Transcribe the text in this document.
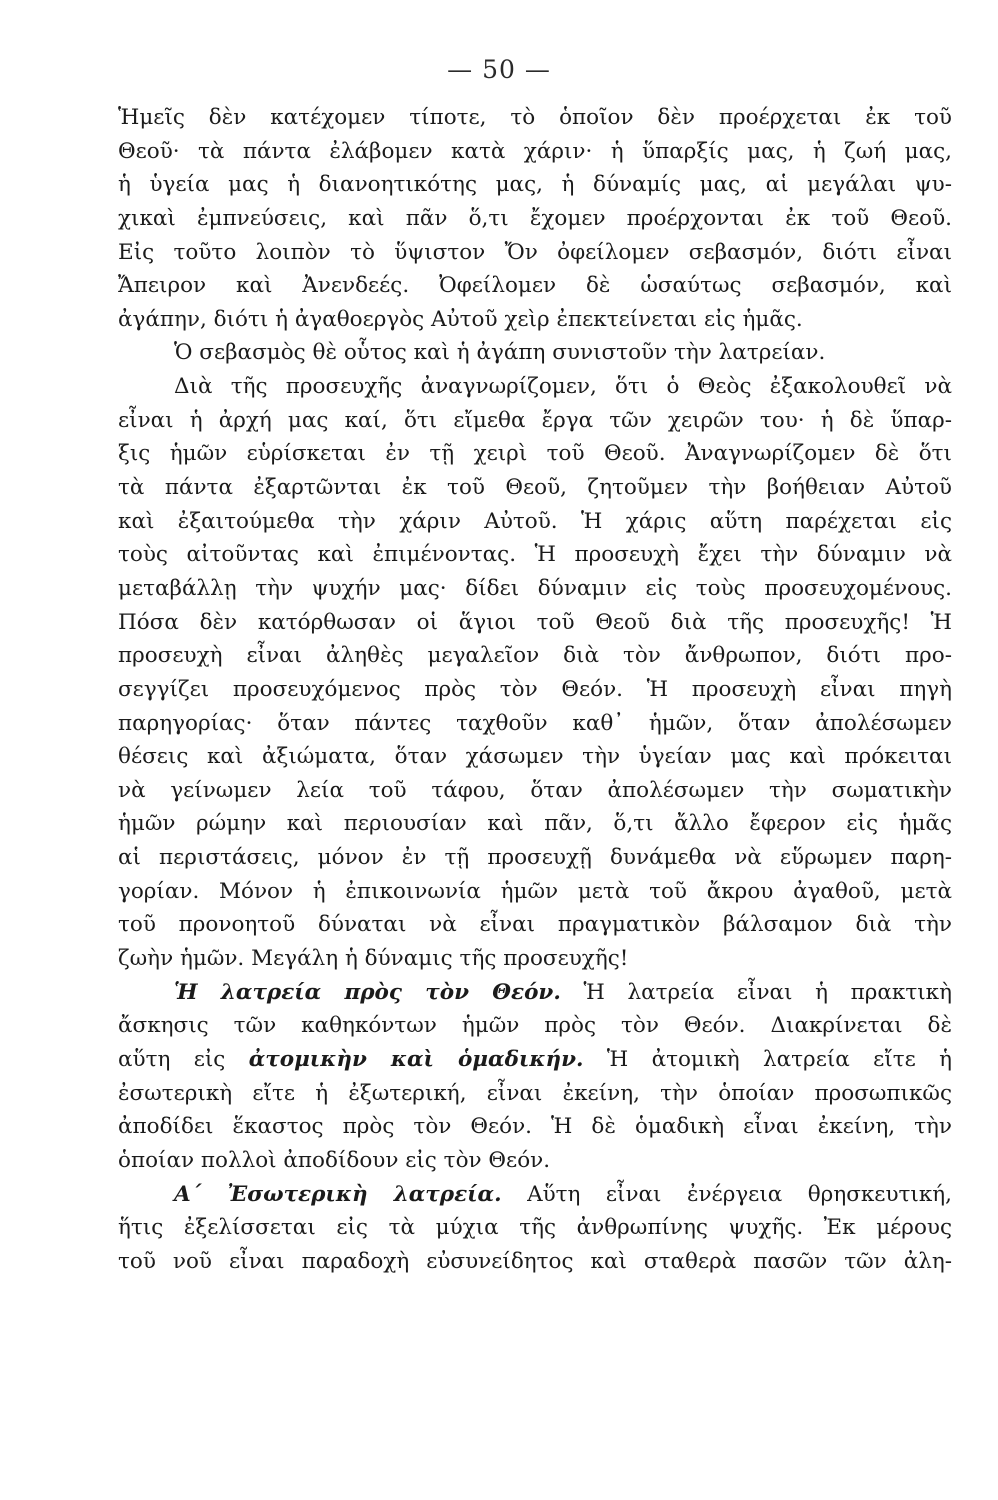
— 50 —
Ἡμεῖς δὲν κατέχομεν τίποτε, τὸ ὁποῖον δὲν προέρχεται ἐκ τοῦ
Θεοῦ· τὰ πάντα ἐλάβομεν κατὰ χάριν· ἡ ὕπαρξίς μας, ἡ ζωή μας,
ἡ ὑγεία μας ἡ διανοητικότης μας, ἡ δύναμίς μας, αἱ μεγάλαι ψυ-
χικαὶ ἐμπνεύσεις, καὶ πᾶν ὅ,τι ἔχομεν προέρχονται ἐκ τοῦ Θεοῦ.
Εἰς τοῦτο λοιπὸν τὸ ὕψιστον Ὄν ὀφείλομεν σεβασμόν, διότι εἶναι
Ἄπειρον καὶ Ἀνενδεές. Ὀφείλομεν δὲ ὡσαύτως σεβασμόν, καὶ
ἀγάπην, διότι ἡ ἀγαθοεργὸς Αὐτοῦ χεὶρ ἐπεκτείνεται εἰς ἡμᾶς.
Ὁ σεβασμὸς θὲ οὗτος καὶ ἡ ἀγάπη συνιστοῦν τὴν λατρείαν.
Διὰ τῆς προσευχῆς ἀναγνωρίζομεν, ὅτι ὁ Θεὸς ἐξακολουθεῖ νὰ
εἶναι ἡ ἀρχή μας καί, ὅτι εἴμεθα ἔργα τῶν χειρῶν του· ἡ δὲ ὕπαρ-
ξις ἡμῶν εὑρίσκεται ἐν τῇ χειρὶ τοῦ Θεοῦ. Ἀναγνωρίζομεν δὲ ὅτι
τὰ πάντα ἐξαρτῶνται ἐκ τοῦ Θεοῦ, ζητοῦμεν τὴν βοήθειαν Αὐτοῦ
καὶ ἐξαιτούμεθα τὴν χάριν Αὐτοῦ. Ἡ χάρις αὕτη παρέχεται εἰς
τοὺς αἰτοῦντας καὶ ἐπιμένοντας. Ἡ προσευχὴ ἔχει τὴν δύναμιν νὰ
μεταβάλλῃ τὴν ψυχήν μας· δίδει δύναμιν εἰς τοὺς προσευχομένους.
Πόσα δὲν κατόρθωσαν οἱ ἅγιοι τοῦ Θεοῦ διὰ τῆς προσευχῆς! Ἡ
προσευχὴ εἶναι ἀληθὲς μεγαλεῖον διὰ τὸν ἄνθρωπον, διότι προ-
σεγγίζει προσευχόμενος πρὸς τὸν Θεόν. Ἡ προσευχὴ εἶναι πηγὴ
παρηγορίας· ὅταν πάντες ταχθοῦν καθ᾽ ἡμῶν, ὅταν ἀπολέσωμεν
θέσεις καὶ ἀξιώματα, ὅταν χάσωμεν τὴν ὑγείαν μας καὶ πρόκειται
νὰ γείνωμεν λεία τοῦ τάφου, ὅταν ἀπολέσωμεν τὴν σωματικὴν
ἡμῶν ρώμην καὶ περιουσίαν καὶ πᾶν, ὅ,τι ἄλλο ἔφερον εἰς ἡμᾶς
αἱ περιστάσεις, μόνον ἐν τῇ προσευχῇ δυνάμεθα νὰ εὕρωμεν παρη-
γορίαν. Μόνον ἡ ἐπικοινωνία ἡμῶν μετὰ τοῦ ἄκρου ἀγαθοῦ, μετὰ
τοῦ προνοητοῦ δύναται νὰ εἶναι πραγματικὸν βάλσαμον διὰ τὴν
ζωὴν ἡμῶν. Μεγάλη ἡ δύναμις τῆς προσευχῆς!
Ἡ λατρεία πρὸς τὸν Θεόν. Ἡ λατρεία εἶναι ἡ πρακτικὴ
ἄσκησις τῶν καθηκόντων ἡμῶν πρὸς τὸν Θεόν. Διακρίνεται δὲ
αὕτη εἰς ἀτομικὴν καὶ ὁμαδικήν. Ἡ ἀτομικὴ λατρεία εἴτε ἡ
ἐσωτερικὴ εἴτε ἡ ἐξωτερική, εἶναι ἐκείνη, τὴν ὁποίαν προσωπικῶς
ἀποδίδει ἕκαστος πρὸς τὸν Θεόν. Ἡ δὲ ὁμαδικὴ εἶναι ἐκείνη, τὴν
ὁποίαν πολλοὶ ἀποδίδουν εἰς τὸν Θεόν.
Α΄ Ἐσωτερικὴ λατρεία. Αὕτη εἶναι ἐνέργεια θρησκευτική,
ἥτις ἐξελίσσεται εἰς τὰ μύχια τῆς ἀνθρωπίνης ψυχῆς. Ἐκ μέρους
τοῦ νοῦ εἶναι παραδοχὴ εὐσυνείδητος καὶ σταθερὰ πασῶν τῶν ἀλη-
